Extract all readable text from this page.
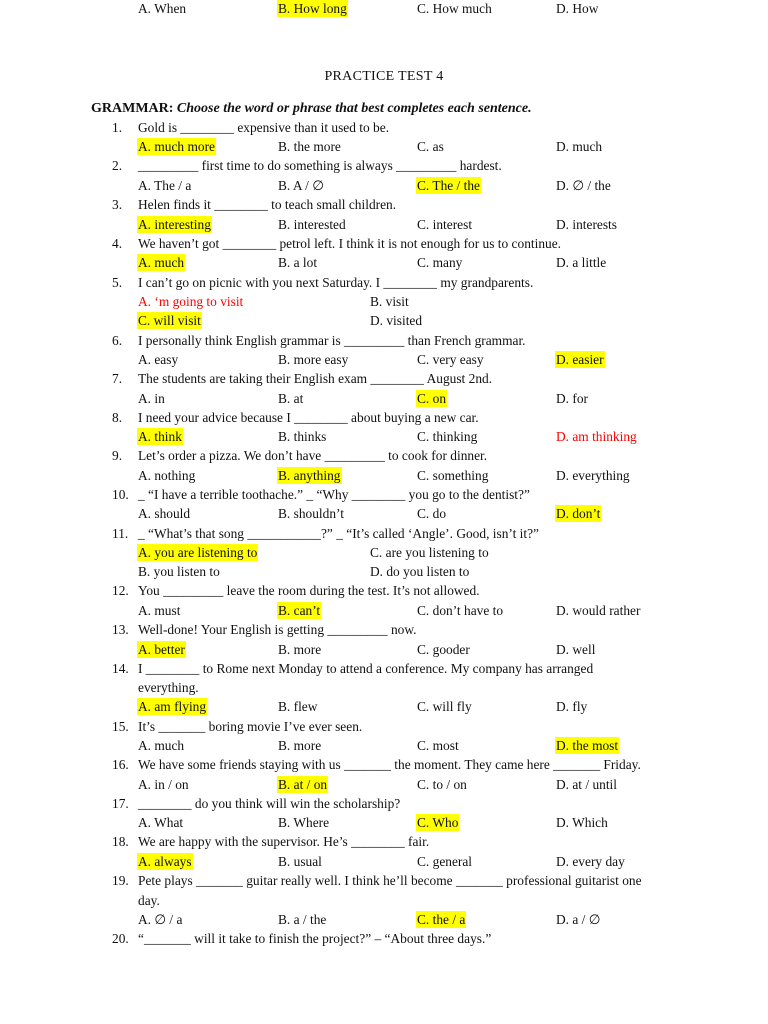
PRACTICE TEST 4
GRAMMAR: Choose the word or phrase that best completes each sentence.
1.	Gold is ________ expensive than it used to be.
A. much more	B. the more	C. as	D. much
2.	_________ first time to do something is always _________ hardest.
A. The / a	B. A / ∅	C. The / the	D. ∅ / the
3.	Helen finds it ________ to teach small children.
A. interesting	B. interested	C. interest	D. interests
4.	We haven’t got ________ petrol left. I think it is not enough for us to continue.
A. much	B. a lot	C. many	D. a little
5.	I can’t go on picnic with you next Saturday. I ________ my grandparents.
A. ‘m going to visit	B. visit
C. will visit	D. visited
6.	I personally think English grammar is _________ than French grammar.
A. easy	B. more easy	C. very easy	D. easier
7.	The students are taking their English exam ________ August 2nd.
A. in	B. at	C. on	D. for
8.	I need your advice because I ________ about buying a new car.
A. think	B. thinks	C. thinking	D. am thinking
9.	Let’s order a pizza. We don’t have _________ to cook for dinner.
A. nothing	B. anything	C. something	D. everything
10. _ “I have a terrible toothache.” _ “Why ________ you go to the dentist?”
A. should	B. shouldn’t	C. do	D. don’t
11. _ “What’s that song ___________?” _ “It’s called ‘Angle’. Good, isn’t it?”
A. you are listening to	C. are you listening to
B. you listen to	D. do you listen to
12. You _________ leave the room during the test. It’s not allowed.
A. must	B. can’t	C. don’t have to	D. would rather
13. Well-done! Your English is getting _________ now.
A. better	B. more	C. gooder	D. well
14. I ________ to Rome next Monday to attend a conference. My company has arranged
everything.
A. am flying	B. flew	C. will fly	D. fly
15. It’s _______ boring movie I’ve ever seen.
A. much	B. more	C. most	D. the most
16. We have some friends staying with us _______ the moment. They came here _______ Friday.
A. in / on	B. at / on	C. to / on	D. at / until
17. ________ do you think will win the scholarship?
A. What	B. Where	C. Who	D. Which
18. We are happy with the supervisor. He’s ________ fair.
A. always	B. usual	C. general	D. every day
19. Pete plays _______ guitar really well. I think he’ll become _______ professional guitarist one
day.
A. ∅ / a	B. a / the	C. the / a	D. a / ∅
20. “_______ will it take to finish the project?” – “About three days.”
A. When	B. How long	C. How much	D. How
